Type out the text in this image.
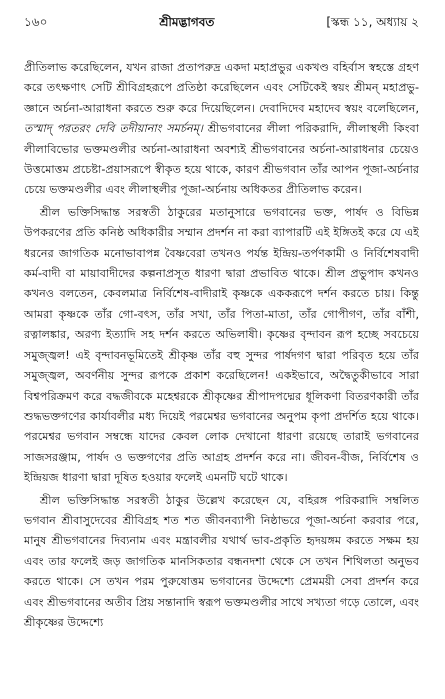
১৬০	শ্রীমদ্ভাগবত	[স্কন্ধ ১১, অধ্যায় ২

প্রীতিলাভ করেছিলেন, যখন রাজা প্রতাপরুদ্র একদা মহাপ্রভুর একখণ্ড বহির্বাস স্বহস্তে গ্রহণ করে তৎক্ষণাৎ সেটি শ্রীবিগ্রহরূপে প্রতিষ্ঠা করেছিলেন এবং সেটিকেই স্বয়ং শ্রীমন্‌ মহাপ্রভু-জ্ঞানে অর্চনা-আরাধনা করতে শুরু করে দিয়েছিলেন। দেবাদিদেব মহাদেব স্বয়ং বলেছিলেন, তস্মাদ্‌ পরতরং দেবি তদীয়ানাং সমর্চনম্‌। শ্রীভগবানের লীলা পরিকরাদি, লীলাস্থলী কিংবা লীলাবিভোর ভক্তমণ্ডলীর অর্চনা-আরাধনা অবশ্যই শ্রীভগবানের অর্চনা-আরাধনার চেয়েও উত্তমোত্তম প্রচেষ্টা-প্রয়াসরূপে স্বীকৃত হয়ে থাকে, কারণ শ্রীভগবান তাঁর আপন পূজা-অর্চনার চেয়ে ভক্তমণ্ডলীর এবং লীলাস্থলীর পূজা-অর্চনায় অধিকতর প্রীতিলাভ করেন।

শ্রীল ভক্তিসিদ্ধান্ত সরস্বতী ঠাকুরের মতানুসারে ভগবানের ভক্ত, পার্ষদ ও বিভিন্ন উপকরণের প্রতি কনিষ্ঠ অধিকারীর সম্মান প্রদর্শন না করা ব্যাপারটি এই ইঙ্গিতই করে যে এই ধরনের জাগতিক মনোভাবাপন্ন বৈষ্ণবেরা তখনও পর্যন্ত ইন্দ্রিয়-তর্পণকামী ও নির্বিশেষবাদী কর্ম-বাদী বা মায়াবাদীদের কল্পনাপ্রসূত ধারণা দ্বারা প্রভাবিত থাকে। শ্রীল প্রভুপাদ কখনও কখনও বলতেন, কেবলমাত্র নির্বিশেষ-বাদীরাই কৃষ্ণকে এককরূপে দর্শন করতে চায়। কিন্তু আমরা কৃষ্ণকে তাঁর গো-বৎস, তাঁর সখা, তাঁর পিতা-মাতা, তাঁর গোপীগণ, তাঁর বাঁশী, রত্নালঙ্কার, অরণ্য ইত্যাদি সহ দর্শন করতে অভিলাষী। কৃষ্ণের বৃন্দাবন রূপ হচ্ছে সবচেয়ে সমুজ্জ্বল! এই বৃন্দাবনভূমিতেই শ্রীকৃষ্ণ তাঁর বহু সুন্দর পার্ষদগণ দ্বারা পরিবৃত হয়ে তাঁর সমুজ্জ্বল, অবর্ণনীয় সুন্দর রূপকে প্রকাশ করেছিলেন! একইভাবে, অদ্বৈতুকীভাবে সারা বিশ্বপরিক্রমণ করে বদ্ধজীবকে মহেশ্বরকে শ্রীকৃষ্ণের শ্রীপাদপদ্মের ধূলিকণা বিতরণকারী তাঁর শুদ্ধভক্তগণের কার্যাবলীর মধ্য দিয়েই পরমেশ্বর ভগবানের অনুপম কৃপা প্রদর্শিত হয়ে থাকে। পরমেশ্বর ভগবান সম্বন্ধে যাদের কেবল লোক দেখানো ধারণা রয়েছে তারাই ভগবানের সাজসরঞ্জাম, পার্ষদ ও ভক্তগণের প্রতি আগ্রহ প্রদর্শন করে না। জীবন-বীজ, নির্বিশেষ ও ইন্দ্রিয়জ ধারণা দ্বারা দূষিত হওয়ার ফলেই এমনটি ঘটে থাকে।

শ্রীল ভক্তিসিদ্ধান্ত সরস্বতী ঠাকুর উল্লেখ করেছেন যে, বহিরঙ্গ পরিকরাদি সম্বলিত ভগবান শ্রীবাসুদেবের শ্রীবিগ্রহ শত শত জীবনব্যাপী নিষ্ঠাভরে পূজা-অর্চনা করবার পরে, মানুষ শ্রীভগবানের দিব্যনাম এবং মন্ত্রাবলীর যথার্থ ভাব-প্রকৃতি হৃদয়ঙ্গম করতে সক্ষম হয় এবং তার ফলেই জড় জাগতিক মানসিকতার বন্ধনদশা থেকে সে তখন শিথিলতা অনুভব করতে থাকে। সে তখন পরম পুরুষোত্তম ভগবানের উদ্দেশ্যে প্রেমময়ী সেবা প্রদর্শন করে এবং শ্রীভগবানের অতীব প্রিয় সন্তানাদি স্বরূপ ভক্তমণ্ডলীর সাথে সখ্যতা গড়ে তোলে, এবং শ্রীকৃষ্ণের উদ্দেশ্যে
